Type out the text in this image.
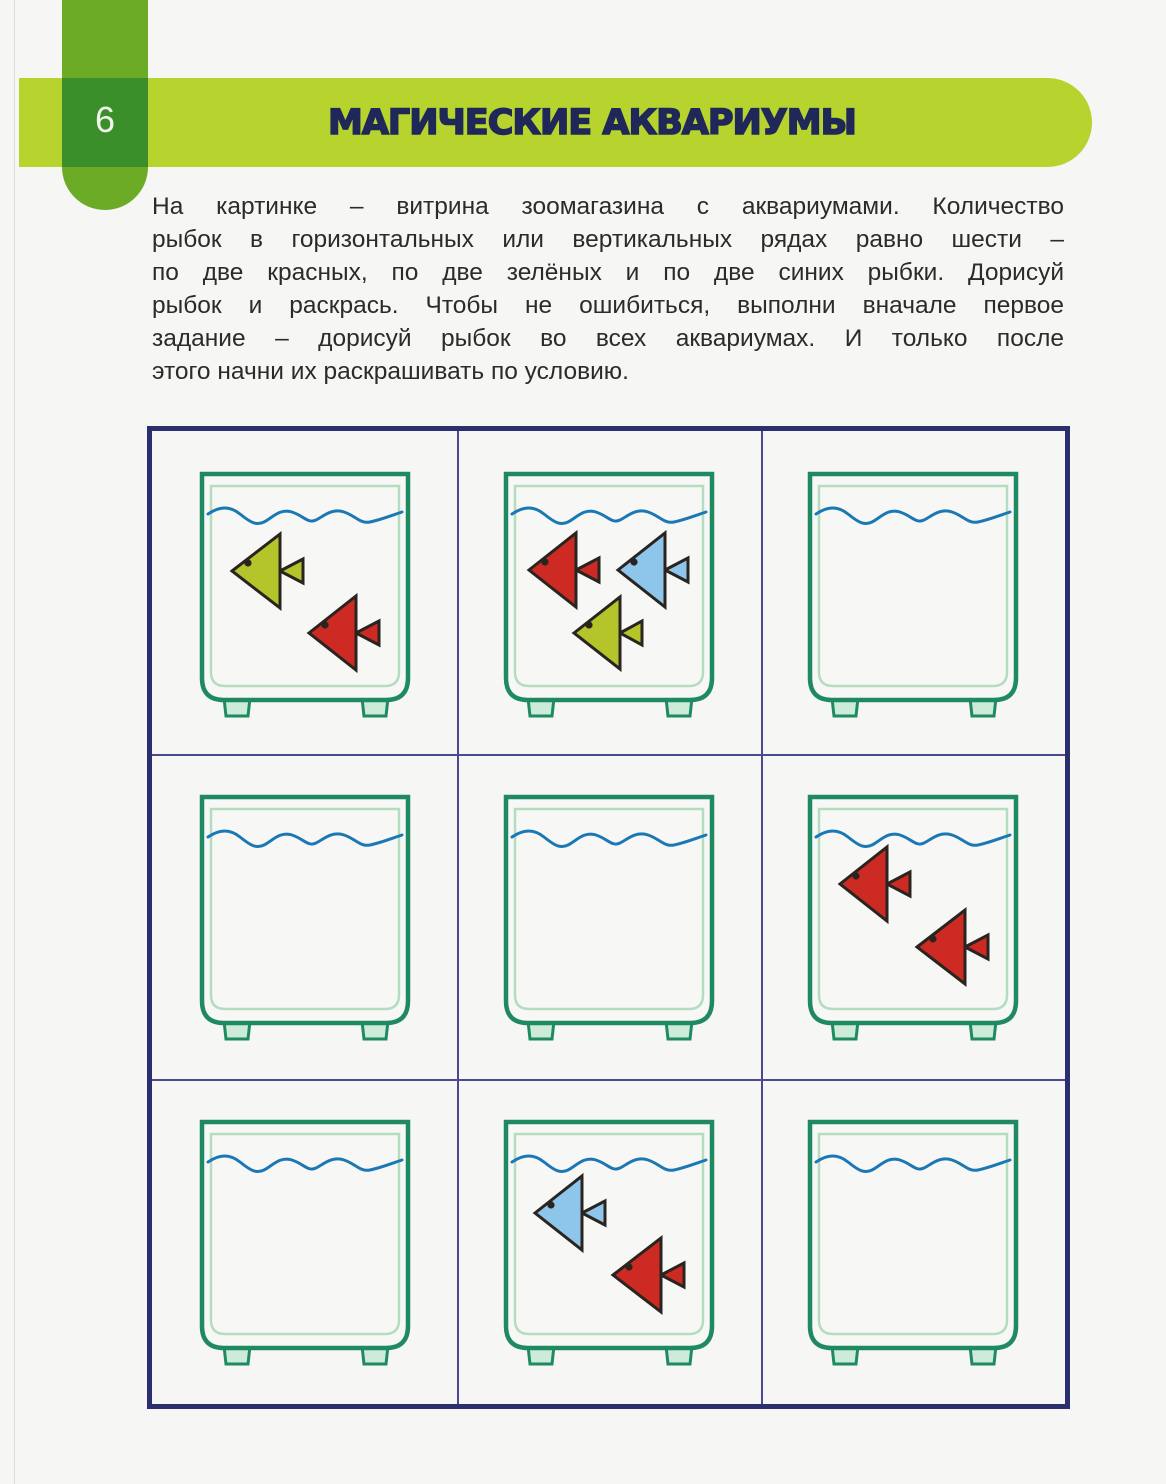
6	МАГИЧЕСКИЕ АКВАРИУМЫ
На картинке – витрина зоомагазина с аквариумами. Количество
рыбок в горизонтальных или вертикальных рядах равно шести –
по две красных, по две зелёных и по две синих рыбки. Дорисуй
рыбок и раскрась. Чтобы не ошибиться, выполни вначале первое
задание – дорисуй рыбок во всех аквариумах. И только после
этого начни их раскрашивать по условию.
